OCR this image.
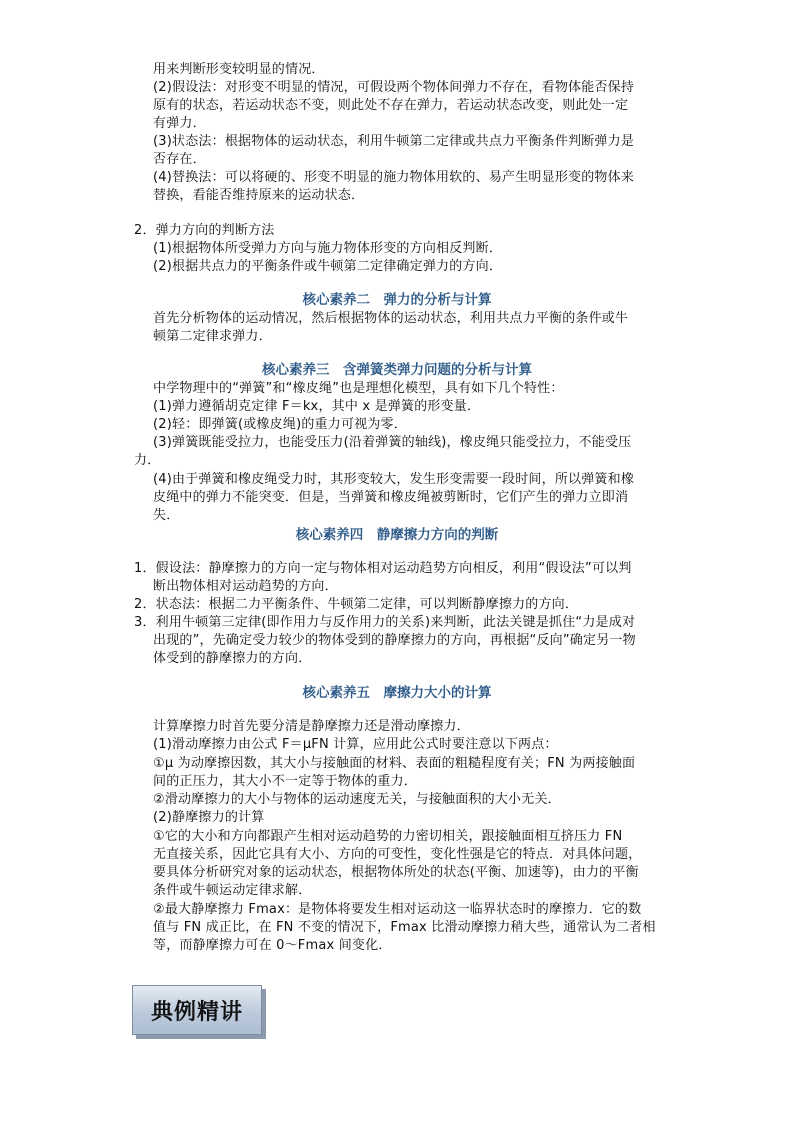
用来判断形变较明显的情况．
(2)假设法：对形变不明显的情况，可假设两个物体间弹力不存在，看物体能否保持
原有的状态，若运动状态不变，则此处不存在弹力，若运动状态改变，则此处一定
有弹力．
(3)状态法：根据物体的运动状态，利用牛顿第二定律或共点力平衡条件判断弹力是
否存在．
(4)替换法：可以将硬的、形变不明显的施力物体用软的、易产生明显形变的物体来
替换，看能否维持原来的运动状态．
2．弹力方向的判断方法
(1)根据物体所受弹力方向与施力物体形变的方向相反判断．
(2)根据共点力的平衡条件或牛顿第二定律确定弹力的方向．
核心素养二　弹力的分析与计算
首先分析物体的运动情况，然后根据物体的运动状态，利用共点力平衡的条件或牛
顿第二定律求弹力．
核心素养三　含弹簧类弹力问题的分析与计算
中学物理中的“弹簧”和“橡皮绳”也是理想化模型，具有如下几个特性：
(1)弹力遵循胡克定律 F＝kx，其中 x 是弹簧的形变量．
(2)轻：即弹簧(或橡皮绳)的重力可视为零．
(3)弹簧既能受拉力，也能受压力(沿着弹簧的轴线)，橡皮绳只能受拉力，不能受压
力．
(4)由于弹簧和橡皮绳受力时，其形变较大，发生形变需要一段时间，所以弹簧和橡
皮绳中的弹力不能突变．但是，当弹簧和橡皮绳被剪断时，它们产生的弹力立即消
失．
核心素养四　静摩擦力方向的判断
1．假设法：静摩擦力的方向一定与物体相对运动趋势方向相反，利用“假设法”可以判
断出物体相对运动趋势的方向．
2．状态法：根据二力平衡条件、牛顿第二定律，可以判断静摩擦力的方向．
3．利用牛顿第三定律(即作用力与反作用力的关系)来判断，此法关键是抓住“力是成对
出现的”，先确定受力较少的物体受到的静摩擦力的方向，再根据“反向”确定另一物
体受到的静摩擦力的方向．
核心素养五　摩擦力大小的计算
计算摩擦力时首先要分清是静摩擦力还是滑动摩擦力．
(1)滑动摩擦力由公式 F＝μFN 计算，应用此公式时要注意以下两点：
①μ 为动摩擦因数，其大小与接触面的材料、表面的粗糙程度有关；FN 为两接触面
间的正压力，其大小不一定等于物体的重力．
②滑动摩擦力的大小与物体的运动速度无关，与接触面积的大小无关．
(2)静摩擦力的计算
①它的大小和方向都跟产生相对运动趋势的力密切相关，跟接触面相互挤压力 FN
无直接关系，因此它具有大小、方向的可变性，变化性强是它的特点．对具体问题，
要具体分析研究对象的运动状态，根据物体所处的状态(平衡、加速等)，由力的平衡
条件或牛顿运动定律求解．
②最大静摩擦力 Fmax：是物体将要发生相对运动这一临界状态时的摩擦力．它的数
值与 FN 成正比，在 FN 不变的情况下，Fmax 比滑动摩擦力稍大些，通常认为二者相
等，而静摩擦力可在 0～Fmax 间变化．
典例精讲
